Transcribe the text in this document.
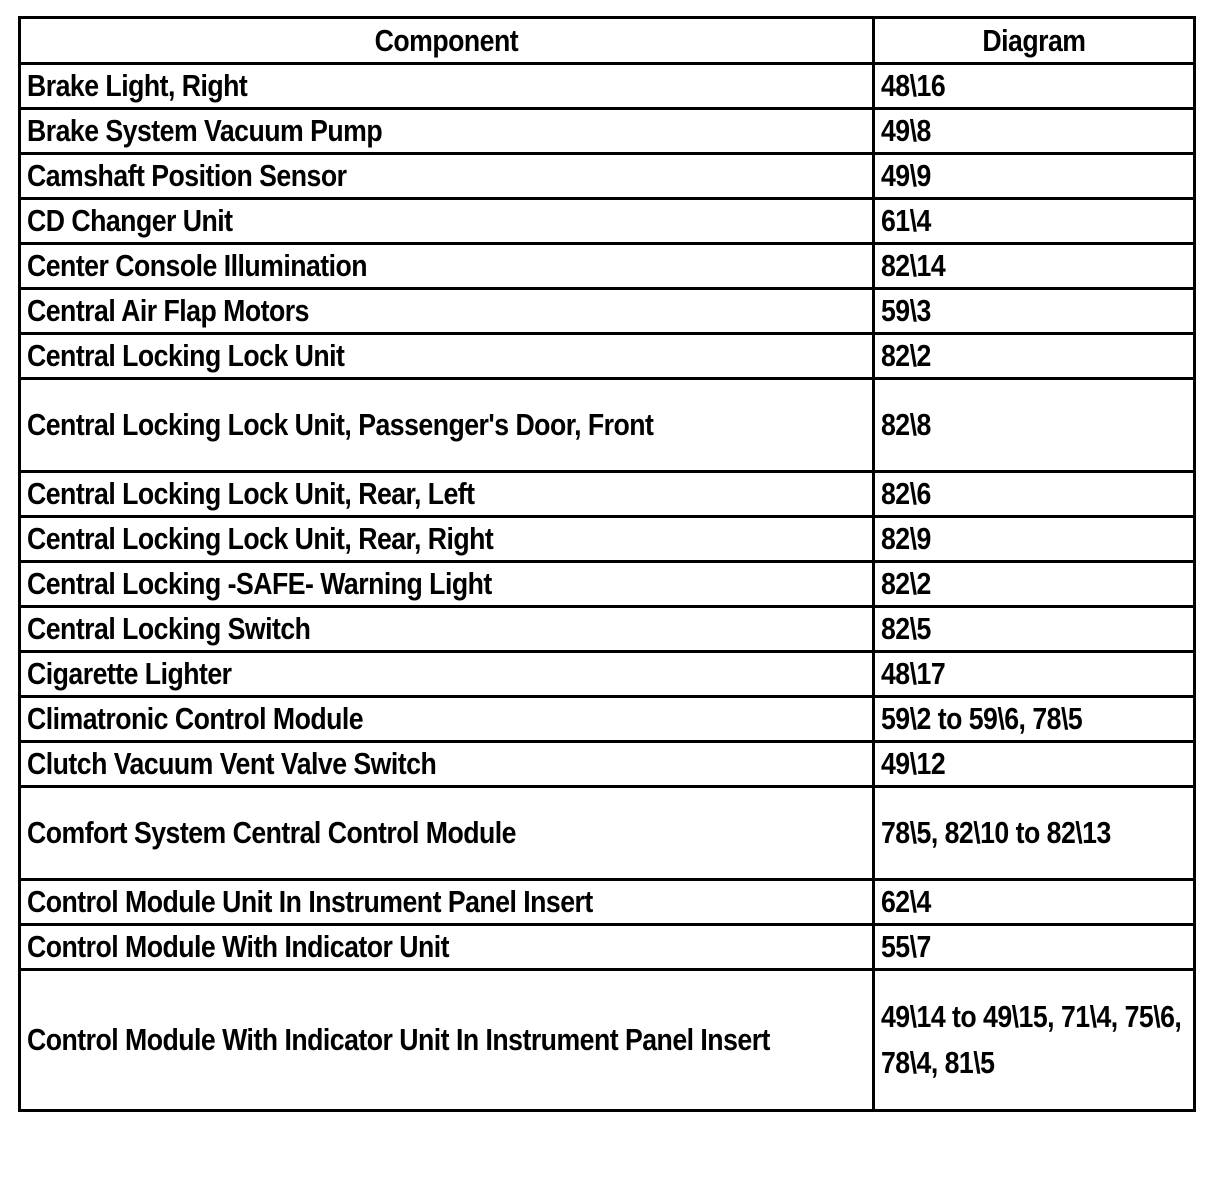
Component	Diagram
Brake Light, Right	48\16
Brake System Vacuum Pump	49\8
Camshaft Position Sensor	49\9
CD Changer Unit	61\4
Center Console Illumination	82\14
Central Air Flap Motors	59\3
Central Locking Lock Unit	82\2
Central Locking Lock Unit, Passenger's Door, Front	82\8
Central Locking Lock Unit, Rear, Left	82\6
Central Locking Lock Unit, Rear, Right	82\9
Central Locking -SAFE- Warning Light	82\2
Central Locking Switch	82\5
Cigarette Lighter	48\17
Climatronic Control Module	59\2 to 59\6, 78\5
Clutch Vacuum Vent Valve Switch	49\12
Comfort System Central Control Module	78\5, 82\10 to 82\13
Control Module Unit In Instrument Panel Insert	62\4
Control Module With Indicator Unit	55\7
Control Module With Indicator Unit In Instrument Panel Insert	49\14 to 49\15, 71\4, 75\6, 78\4, 81\5
